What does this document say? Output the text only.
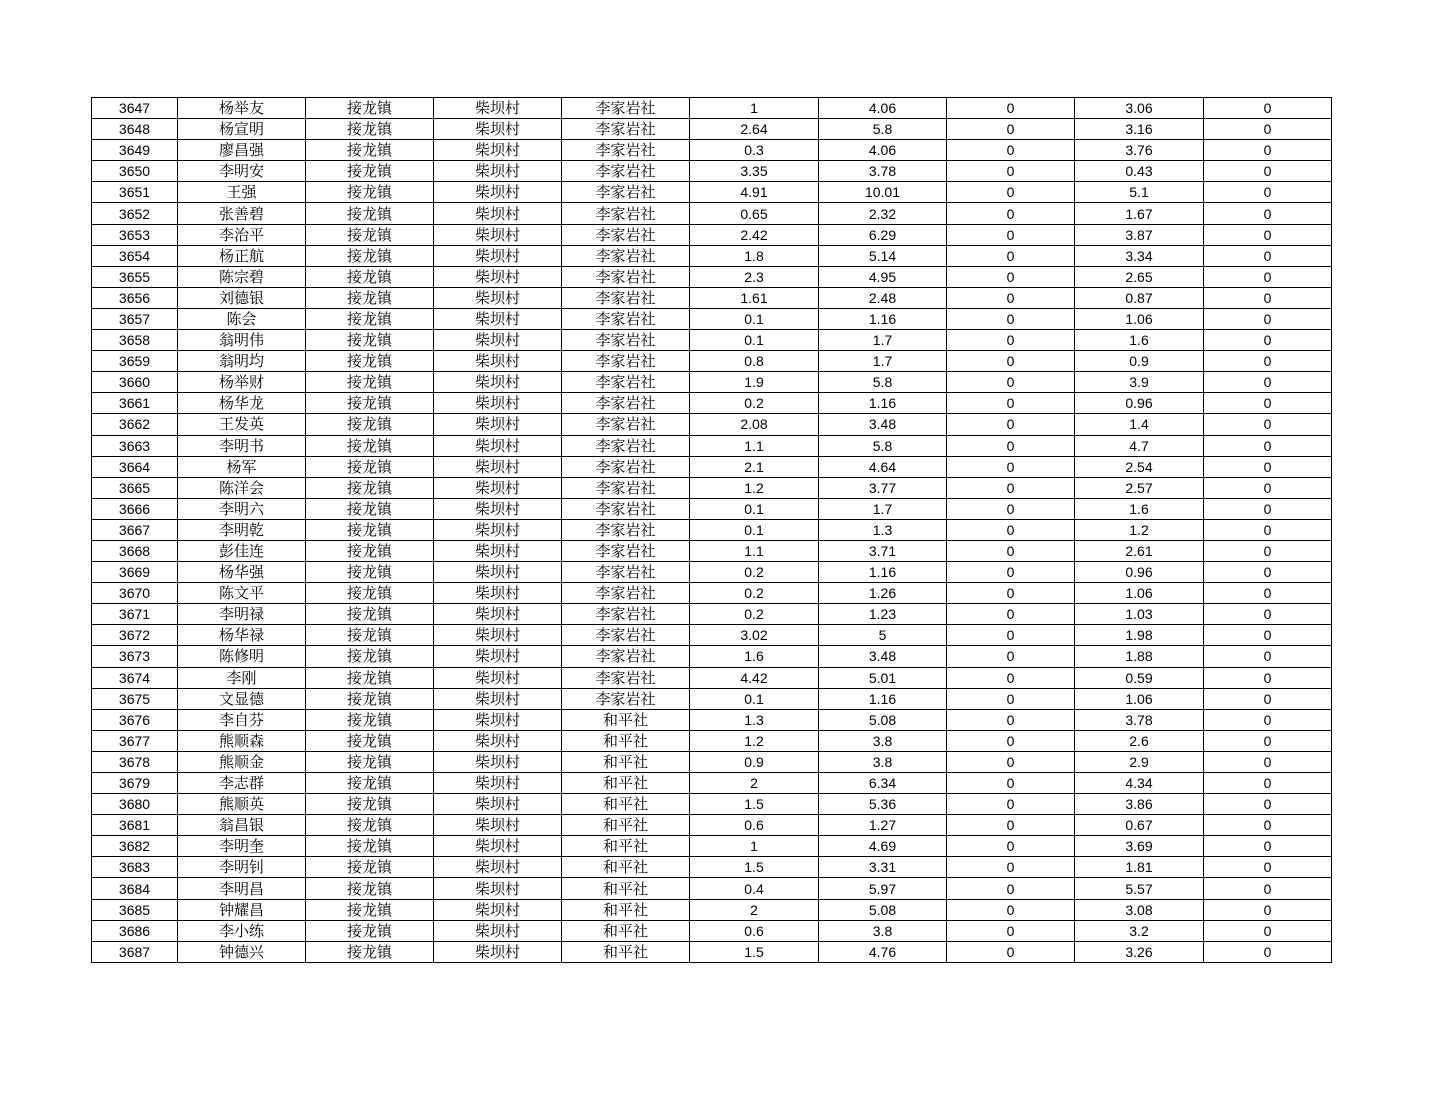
3647	杨举友	接龙镇	柴坝村	李家岩社	1	4.06	0	3.06	0
3648	杨宣明	接龙镇	柴坝村	李家岩社	2.64	5.8	0	3.16	0
3649	廖昌强	接龙镇	柴坝村	李家岩社	0.3	4.06	0	3.76	0
3650	李明安	接龙镇	柴坝村	李家岩社	3.35	3.78	0	0.43	0
3651	王强	接龙镇	柴坝村	李家岩社	4.91	10.01	0	5.1	0
3652	张善碧	接龙镇	柴坝村	李家岩社	0.65	2.32	0	1.67	0
3653	李治平	接龙镇	柴坝村	李家岩社	2.42	6.29	0	3.87	0
3654	杨正航	接龙镇	柴坝村	李家岩社	1.8	5.14	0	3.34	0
3655	陈宗碧	接龙镇	柴坝村	李家岩社	2.3	4.95	0	2.65	0
3656	刘德银	接龙镇	柴坝村	李家岩社	1.61	2.48	0	0.87	0
3657	陈会	接龙镇	柴坝村	李家岩社	0.1	1.16	0	1.06	0
3658	翁明伟	接龙镇	柴坝村	李家岩社	0.1	1.7	0	1.6	0
3659	翁明均	接龙镇	柴坝村	李家岩社	0.8	1.7	0	0.9	0
3660	杨举财	接龙镇	柴坝村	李家岩社	1.9	5.8	0	3.9	0
3661	杨华龙	接龙镇	柴坝村	李家岩社	0.2	1.16	0	0.96	0
3662	王发英	接龙镇	柴坝村	李家岩社	2.08	3.48	0	1.4	0
3663	李明书	接龙镇	柴坝村	李家岩社	1.1	5.8	0	4.7	0
3664	杨军	接龙镇	柴坝村	李家岩社	2.1	4.64	0	2.54	0
3665	陈洋会	接龙镇	柴坝村	李家岩社	1.2	3.77	0	2.57	0
3666	李明六	接龙镇	柴坝村	李家岩社	0.1	1.7	0	1.6	0
3667	李明乾	接龙镇	柴坝村	李家岩社	0.1	1.3	0	1.2	0
3668	彭佳连	接龙镇	柴坝村	李家岩社	1.1	3.71	0	2.61	0
3669	杨华强	接龙镇	柴坝村	李家岩社	0.2	1.16	0	0.96	0
3670	陈文平	接龙镇	柴坝村	李家岩社	0.2	1.26	0	1.06	0
3671	李明禄	接龙镇	柴坝村	李家岩社	0.2	1.23	0	1.03	0
3672	杨华禄	接龙镇	柴坝村	李家岩社	3.02	5	0	1.98	0
3673	陈修明	接龙镇	柴坝村	李家岩社	1.6	3.48	0	1.88	0
3674	李刚	接龙镇	柴坝村	李家岩社	4.42	5.01	0	0.59	0
3675	文显德	接龙镇	柴坝村	李家岩社	0.1	1.16	0	1.06	0
3676	李自芬	接龙镇	柴坝村	和平社	1.3	5.08	0	3.78	0
3677	熊顺森	接龙镇	柴坝村	和平社	1.2	3.8	0	2.6	0
3678	熊顺金	接龙镇	柴坝村	和平社	0.9	3.8	0	2.9	0
3679	李志群	接龙镇	柴坝村	和平社	2	6.34	0	4.34	0
3680	熊顺英	接龙镇	柴坝村	和平社	1.5	5.36	0	3.86	0
3681	翁昌银	接龙镇	柴坝村	和平社	0.6	1.27	0	0.67	0
3682	李明奎	接龙镇	柴坝村	和平社	1	4.69	0	3.69	0
3683	李明钊	接龙镇	柴坝村	和平社	1.5	3.31	0	1.81	0
3684	李明昌	接龙镇	柴坝村	和平社	0.4	5.97	0	5.57	0
3685	钟耀昌	接龙镇	柴坝村	和平社	2	5.08	0	3.08	0
3686	李小练	接龙镇	柴坝村	和平社	0.6	3.8	0	3.2	0
3687	钟德兴	接龙镇	柴坝村	和平社	1.5	4.76	0	3.26	0
